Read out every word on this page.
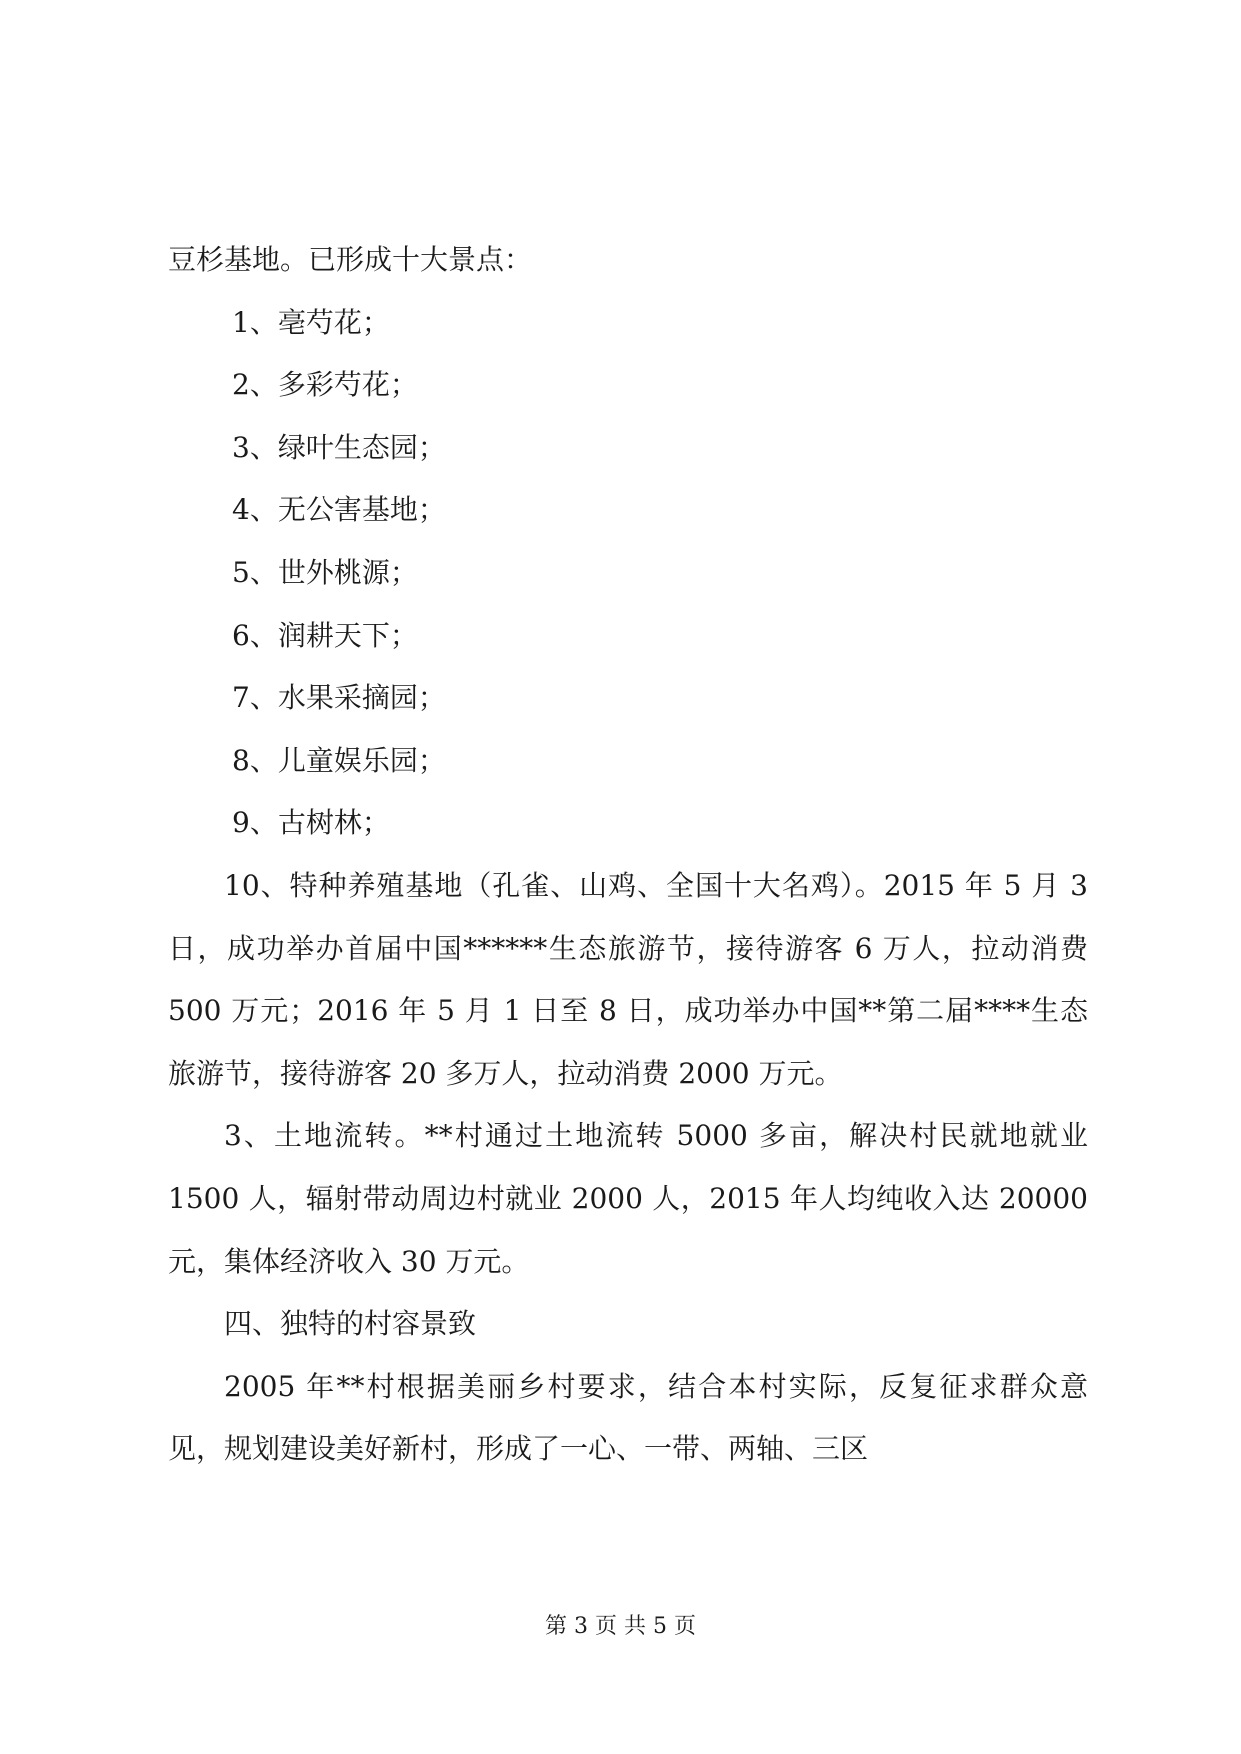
豆杉基地。已形成十大景点：
1、亳芍花；
2、多彩芍花；
3、绿叶生态园；
4、无公害基地；
5、世外桃源；
6、润耕天下；
7、水果采摘园；
8、儿童娱乐园；
9、古树林；

10、特种养殖基地（孔雀、山鸡、全国十大名鸡）。2015 年 5 月 3 日，成功举办首届中国******生态旅游节，接待游客 6 万人，拉动消费 500 万元；2016 年 5 月 1 日至 8 日，成功举办中国**第二届****生态旅游节，接待游客 20 多万人，拉动消费 2000 万元。

3、土地流转。**村通过土地流转 5000 多亩，解决村民就地就业 1500 人，辐射带动周边村就业 2000 人，2015 年人均纯收入达 20000 元，集体经济收入 30 万元。

四、独特的村容景致

2005 年**村根据美丽乡村要求，结合本村实际，反复征求群众意见，规划建设美好新村，形成了一心、一带、两轴、三区

第 3 页 共 5 页
